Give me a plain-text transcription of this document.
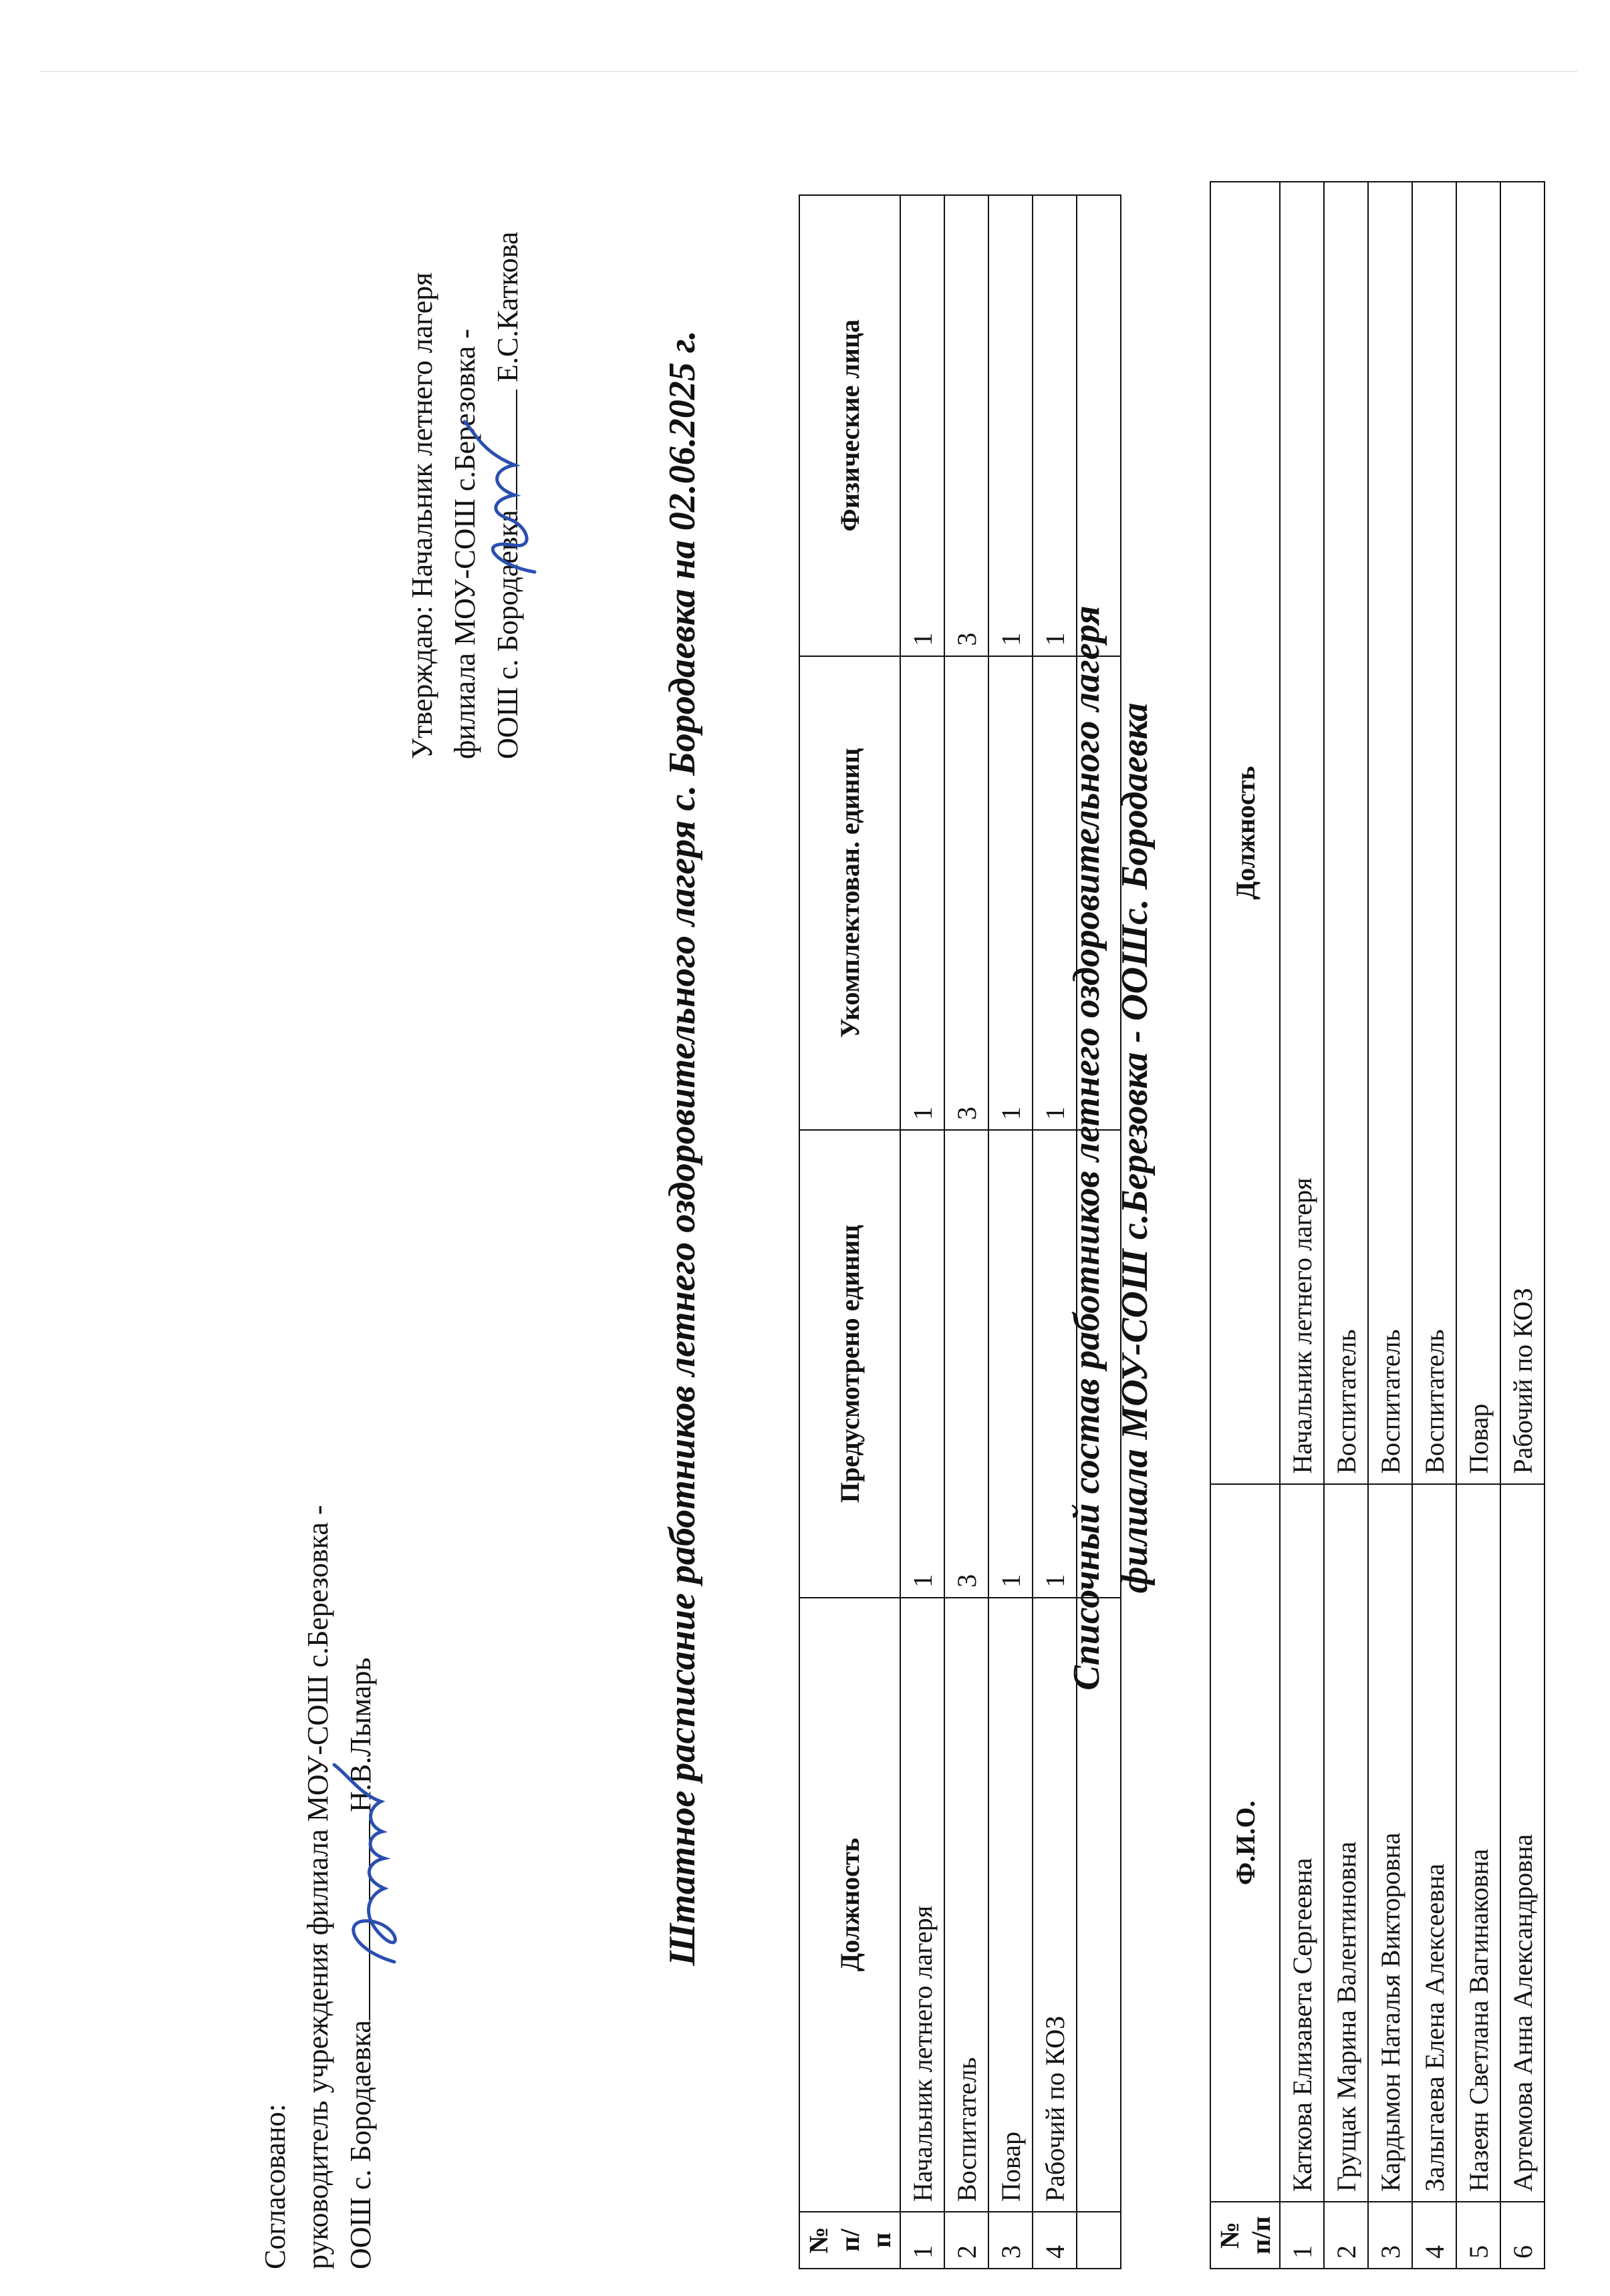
Согласовано: руководитель учреждения филиала МОУ-СОШ с.Березовка - ООШ с. Бородаевка Н.В.Лымарь
Утверждаю: Начальник летнего лагеря филиала МОУ-СОШ с.Березовка - ООШ с. Бородаевка Е.С.Каткова
Штатное расписание работников летнего оздоровительного лагеря с. Бородаевка на 02.06.2025 г.
№ п/п	Должность	Предусмотрено единиц	Укомплектован. единиц	Физические лица
1	Начальник летнего лагеря	1	1	1
2	Воспитатель	3	3	3
3	Повар	1	1	1
4	Рабочий по КОЗ	1	1	1

Списочный состав работников летнего оздоровительного лагеря филиала МОУ-СОШ с.Березовка - ООШс. Бородаевка
№ п/п	Ф.И.О.	Должность
1	Каткова Елизавета Сергеевна	Начальник летнего лагеря
2	Грущак Марина Валентиновна	Воспитатель
3	Кардымон Наталья Викторовна	Воспитатель
4	Залыгаева Елена Алексеевна	Воспитатель
5	Назеян Светлана Вагинаковна	Повар
6	Артемова Анна Александровна	Рабочий по КОЗ
